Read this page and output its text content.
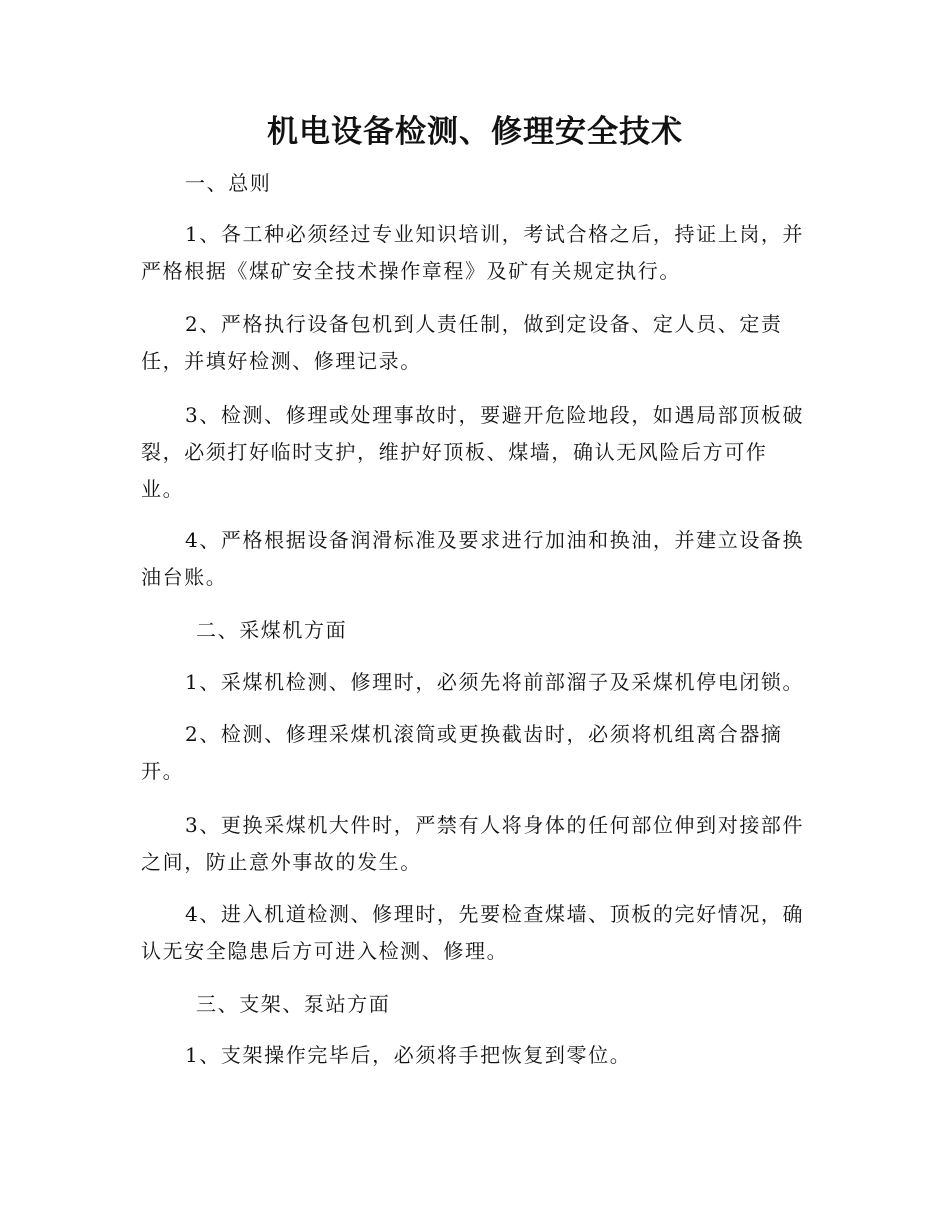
机电设备检测、修理安全技术
一、总则
1、各工种必须经过专业知识培训，考试合格之后，持证上岗，并严格根据《煤矿安全技术操作章程》及矿有关规定执行。
2、严格执行设备包机到人责任制，做到定设备、定人员、定责任，并填好检测、修理记录。
3、检测、修理或处理事故时，要避开危险地段，如遇局部顶板破裂，必须打好临时支护，维护好顶板、煤墙，确认无风险后方可作业。
4、严格根据设备润滑标准及要求进行加油和换油，并建立设备换油台账。
二、采煤机方面
1、采煤机检测、修理时，必须先将前部溜子及采煤机停电闭锁。
2、检测、修理采煤机滚筒或更换截齿时，必须将机组离合器摘开。
3、更换采煤机大件时，严禁有人将身体的任何部位伸到对接部件之间，防止意外事故的发生。
4、进入机道检测、修理时，先要检查煤墙、顶板的完好情况，确认无安全隐患后方可进入检测、修理。
三、支架、泵站方面
1、支架操作完毕后，必须将手把恢复到零位。
